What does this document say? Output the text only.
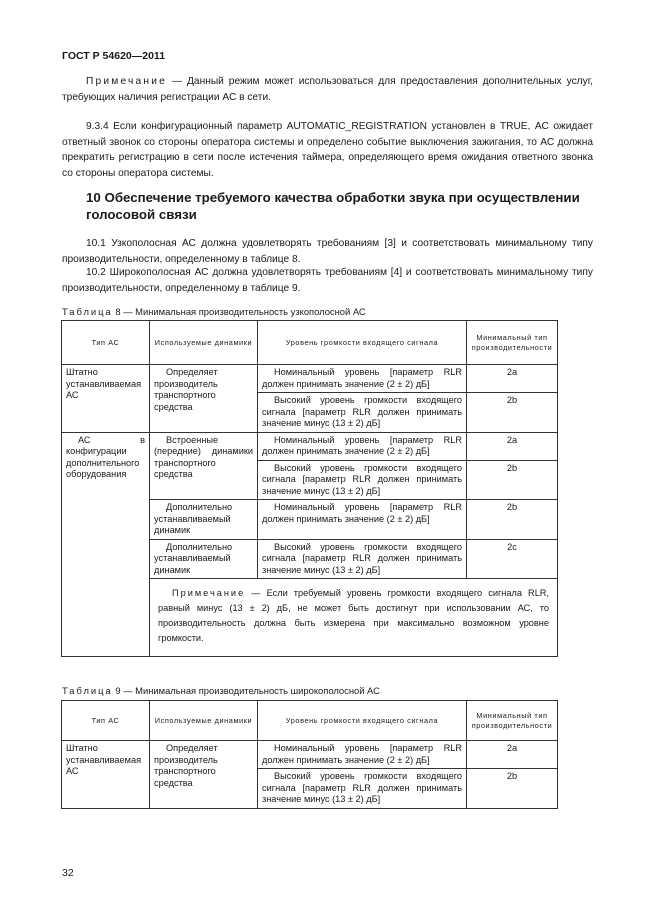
ГОСТ Р 54620—2011
Примечание — Данный режим может использоваться для предоставления дополнительных услуг, требующих наличия регистрации АС в сети.
9.3.4 Если конфигурационный параметр AUTOMATIC_REGISTRATION установлен в TRUE, АС ожидает ответный звонок со стороны оператора системы и определено событие выключения зажигания, то АС должна прекратить регистрацию в сети после истечения таймера, определяющего время ожидания ответного звонка со стороны оператора системы.
10 Обеспечение требуемого качества обработки звука при осуществлении голосовой связи
10.1 Узкополосная АС должна удовлетворять требованиям [3] и соответствовать минимальному типу производительности, определенному в таблице 8.
10.2 Широкополосная АС должна удовлетворять требованиям [4] и соответствовать минимальному типу производительности, определенному в таблице 9.
Таблица 8 — Минимальная производительность узкополосной АС
Тип АС	Используемые динамики	Уровень громкости входящего сигнала	Минимальный тип производительности
Штатно устанавливаемая АС	Определяет производитель транспортного средства	Номинальный уровень [параметр RLR должен принимать значение (2 ± 2) дБ]	2a
		Высокий уровень громкости входящего сигнала [параметр RLR должен принимать значение минус (13 ± 2) дБ]	2b
АС в конфигурации дополнительного оборудования	Встроенные (передние) динамики транспортного средства	Номинальный уровень [параметр RLR должен принимать значение (2 ± 2) дБ]	2a
		Высокий уровень громкости входящего сигнала [параметр RLR должен принимать значение минус (13 ± 2) дБ]	2b
	Дополнительно устанавливаемый динамик	Номинальный уровень [параметр RLR должен принимать значение (2 ± 2) дБ]	2b
	Дополнительно устанавливаемый динамик	Высокий уровень громкости входящего сигнала [параметр RLR должен принимать значение минус (13 ± 2) дБ]	2c
	Примечание — Если требуемый уровень громкости входящего сигнала RLR, равный минус (13 ± 2) дБ, не может быть достигнут при использовании АС, то производительность должна быть измерена при максимально возможном уровне громкости.		
Таблица 9 — Минимальная производительность широкополосной АС
Тип АС	Используемые динамики	Уровень громкости входящего сигнала	Минимальный тип производительности
Штатно устанавливаемая АС	Определяет производитель транспортного средства	Номинальный уровень [параметр RLR должен принимать значение (2 ± 2) дБ]	2a
		Высокий уровень громкости входящего сигнала [параметр RLR должен принимать значение минус (13 ± 2) дБ]	2b
32
